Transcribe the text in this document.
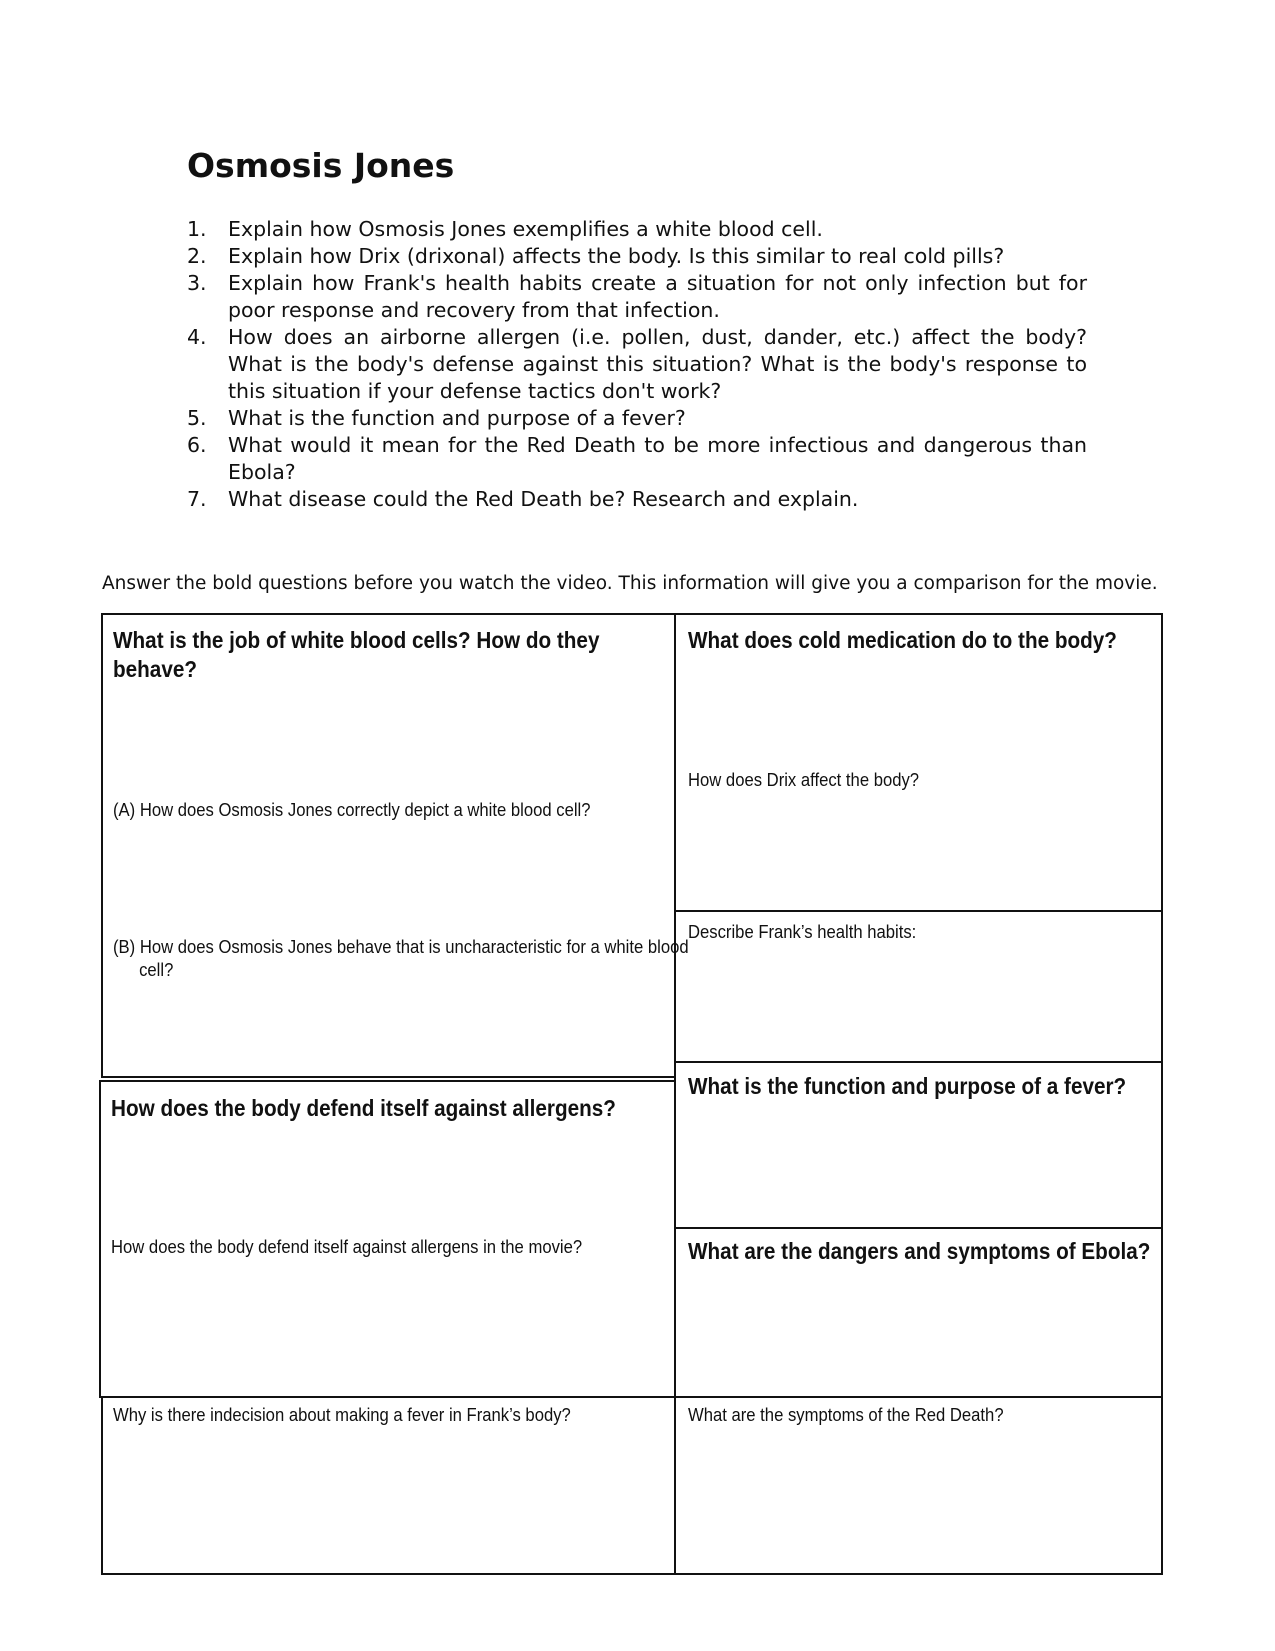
Osmosis Jones
1.	Explain how Osmosis Jones exemplifies a white blood cell.
2.	Explain how Drix (drixonal) affects the body. Is this similar to real cold pills?
3.	Explain how Frank's health habits create a situation for not only infection but for poor response and recovery from that infection.
4.	How does an airborne allergen (i.e. pollen, dust, dander, etc.) affect the body? What is the body's defense against this situation? What is the body's response to this situation if your defense tactics don't work?
5.	What is the function and purpose of a fever?
6.	What would it mean for the Red Death to be more infectious and dangerous than Ebola?
7.	What disease could the Red Death be? Research and explain.
Answer the bold questions before you watch the video. This information will give you a comparison for the movie.
What is the job of white blood cells? How do they behave?
(A) How does Osmosis Jones correctly depict a white blood cell?
(B) How does Osmosis Jones behave that is uncharacteristic for a white blood cell?
What does cold medication do to the body?
How does Drix affect the body?
Describe Frank’s health habits:
How does the body defend itself against allergens?
How does the body defend itself against allergens in the movie?
What is the function and purpose of a fever?
What are the dangers and symptoms of Ebola?
Why is there indecision about making a fever in Frank’s body?	What are the symptoms of the Red Death?
